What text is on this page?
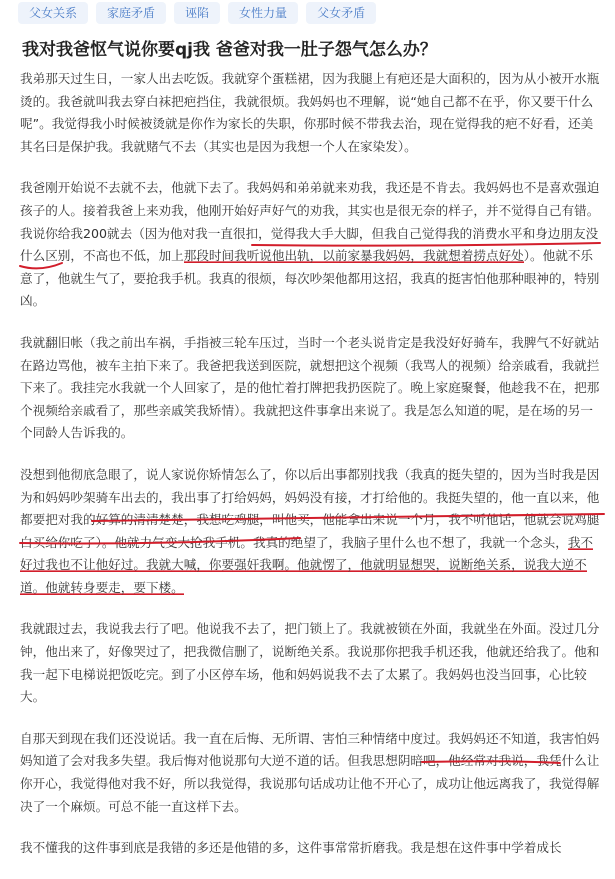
父女关系	家庭矛盾	诬陷	女性力量	父女矛盾
我对我爸怄气说你要qj我 爸爸对我一肚子怨气怎么办？

我弟那天过生日，一家人出去吃饭。我就穿个蛋糕裙，因为我腿上有疤还是大面积的，因为从小被开水瓶烫的。我爸就叫我去穿白袜把疤挡住，我就很烦。我妈妈也不理解，说“她自己都不在乎，你又要干什么呢”。我觉得我小时候被烫就是你作为家长的失职，你那时候不带我去治，现在觉得我的疤不好看，还美其名曰是保护我。我就赌气不去（其实也是因为我想一个人在家染发）。

我爸刚开始说不去就不去，他就下去了。我妈妈和弟弟就来劝我，我还是不肯去。我妈妈也不是喜欢强迫孩子的人。接着我爸上来劝我，他刚开始好声好气的劝我，其实也是很无奈的样子，并不觉得自己有错。我说你给我200就去（因为他对我一直很扣，觉得我大手大脚，但我自己觉得我的消费水平和身边朋友没什么区别，不高也不低，加上那段时间我听说他出轨，以前家暴我妈妈，我就想着捞点好处）。他就不乐意了，他就生气了，要抢我手机。我真的很烦，每次吵架他都用这招，我真的挺害怕他那种眼神的，特别凶。

我就翻旧帐（我之前出车祸，手指被三轮车压过，当时一个老头说肯定是我没好好骑车，我脾气不好就站在路边骂他，被车主拍下来了。我爸把我送到医院，就想把这个视频（我骂人的视频）给亲戚看，我就拦下来了。我挂完水我就一个人回家了，是的他忙着打牌把我扔医院了。晚上家庭聚餐，他趁我不在，把那个视频给亲戚看了，那些亲戚笑我矫情）。我就把这件事拿出来说了。我是怎么知道的呢，是在场的另一个同龄人告诉我的。

没想到他彻底急眼了，说人家说你矫情怎么了，你以后出事都别找我（我真的挺失望的，因为当时我是因为和妈妈吵架骑车出去的，我出事了打给妈妈，妈妈没有接，才打给他的。我挺失望的，他一直以来，他都要把对我的好算的清清楚楚，我想吃鸡腿，叫他买，他能拿出来说一个月，我不听他话，他就会说鸡腿白买给你吃了）。他就力气变大抢我手机。我真的绝望了，我脑子里什么也不想了，我就一个念头，我不好过我也不让他好过。我就大喊，你要强奸我啊。他就愣了，他就明显想哭，说断绝关系，说我大逆不道。他就转身要走，要下楼。

我就跟过去，我说我去行了吧。他说我不去了，把门锁上了。我就被锁在外面，我就坐在外面。没过几分钟，他出来了，好像哭过了，把我微信删了，说断绝关系。我说那你把我手机还我，他就还给我了。他和我一起下电梯说把饭吃完。到了小区停车场，他和妈妈说我不去了太累了。我妈妈也没当回事，心比较大。

自那天到现在我们还没说话。我一直在后悔、无所谓、害怕三种情绪中度过。我妈妈还不知道，我害怕妈妈知道了会对我多失望。我后悔对他说那句大逆不道的话。但我思想阴暗吧，他经常对我说，我凭什么让你开心，我觉得他对我不好，所以我觉得，我说那句话成功让他不开心了，成功让他远离我了，我觉得解决了一个麻烦。可总不能一直这样下去。

我不懂我的这件事到底是我错的多还是他错的多，这件事常常折磨我。我是想在这件事中学着成长
